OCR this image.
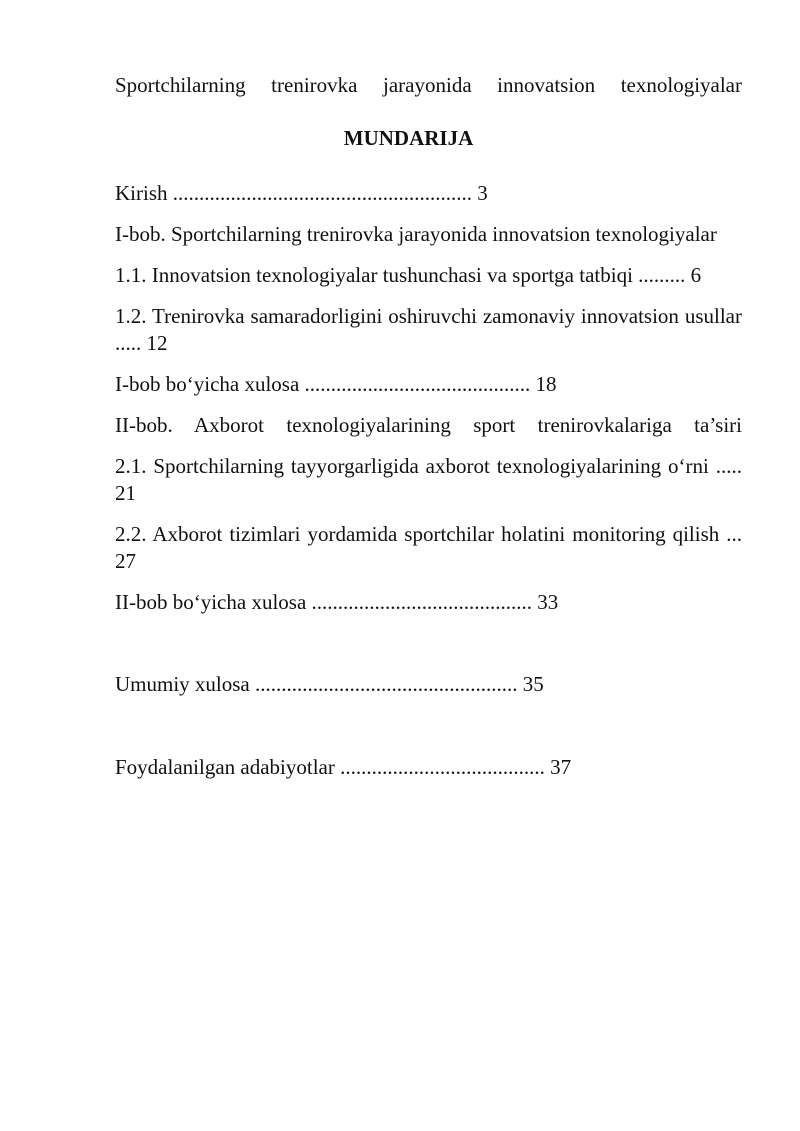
Sportchilarning trenirovka jarayonida innovatsion texnologiyalar

MUNDARIJA

Kirish ......................................................... 3
I-bob. Sportchilarning trenirovka jarayonida innovatsion texnologiyalar
1.1. Innovatsion texnologiyalar tushunchasi va sportga tatbiqi ......... 6
1.2. Trenirovka samaradorligini oshiruvchi zamonaviy innovatsion usullar ..... 12
I-bob bo‘yicha xulosa ........................................... 18
II-bob. Axborot texnologiyalarining sport trenirovkalariga ta’siri
2.1. Sportchilarning tayyorgarligida axborot texnologiyalarining o‘rni ..... 21
2.2. Axborot tizimlari yordamida sportchilar holatini monitoring qilish ... 27
II-bob bo‘yicha xulosa .......................................... 33
Umumiy xulosa .................................................. 35
Foydalanilgan adabiyotlar ....................................... 37
